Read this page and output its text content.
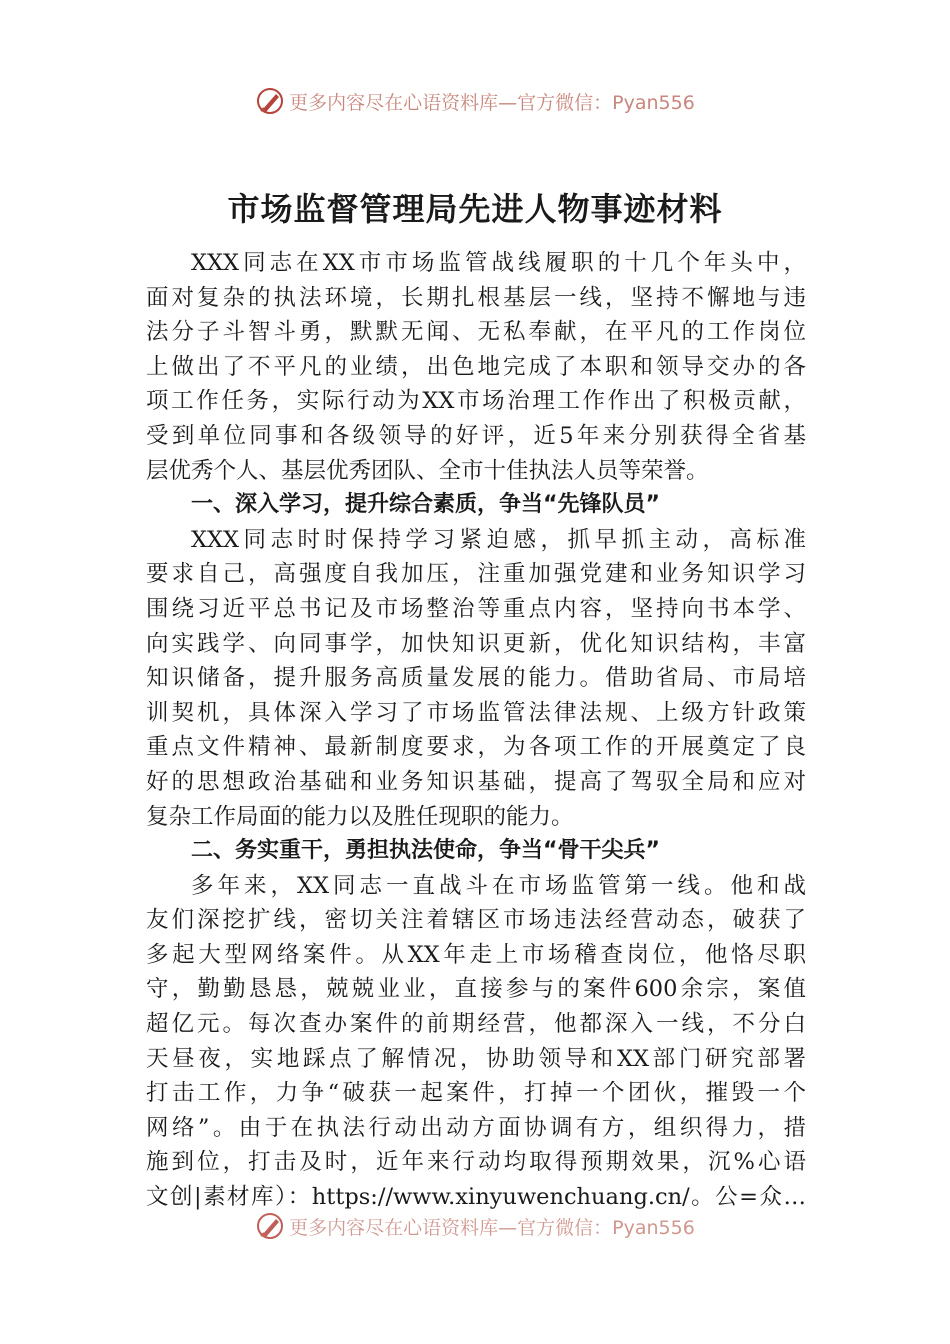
更多内容尽在心语资料库—官方微信：Pyan556
市场监督管理局先进人物事迹材料
XXX同志在XX市市场监管战线履职的十几个年头中，
面对复杂的执法环境，长期扎根基层一线，坚持不懈地与违
法分子斗智斗勇，默默无闻、无私奉献，在平凡的工作岗位
上做出了不平凡的业绩，出色地完成了本职和领导交办的各
项工作任务，实际行动为XX市场治理工作作出了积极贡献，
受到单位同事和各级领导的好评，近5年来分别获得全省基
层优秀个人、基层优秀团队、全市十佳执法人员等荣誉。
一、深入学习，提升综合素质，争当“先锋队员”
XXX同志时时保持学习紧迫感，抓早抓主动，高标准
要求自己，高强度自我加压，注重加强党建和业务知识学习
围绕习近平总书记及市场整治等重点内容，坚持向书本学、
向实践学、向同事学，加快知识更新，优化知识结构，丰富
知识储备，提升服务高质量发展的能力。借助省局、市局培
训契机，具体深入学习了市场监管法律法规、上级方针政策
重点文件精神、最新制度要求，为各项工作的开展奠定了良
好的思想政治基础和业务知识基础，提高了驾驭全局和应对
复杂工作局面的能力以及胜任现职的能力。
二、务实重干，勇担执法使命，争当“骨干尖兵”
多年来，XX同志一直战斗在市场监管第一线。他和战
友们深挖扩线，密切关注着辖区市场违法经营动态，破获了
多起大型网络案件。从XX年走上市场稽查岗位，他恪尽职
守，勤勤恳恳，兢兢业业，直接参与的案件600余宗，案值
超亿元。每次查办案件的前期经营，他都深入一线，不分白
天昼夜，实地踩点了解情况，协助领导和XX部门研究部署
打击工作，力争“破获一起案件，打掉一个团伙，摧毁一个
网络”。由于在执法行动出动方面协调有方，组织得力，措
施到位，打击及时，近年来行动均取得预期效果，沉%心语
文创|素材库）：https://www.xinyuwenchuang.cn/。公=众…
更多内容尽在心语资料库—官方微信：Pyan556
